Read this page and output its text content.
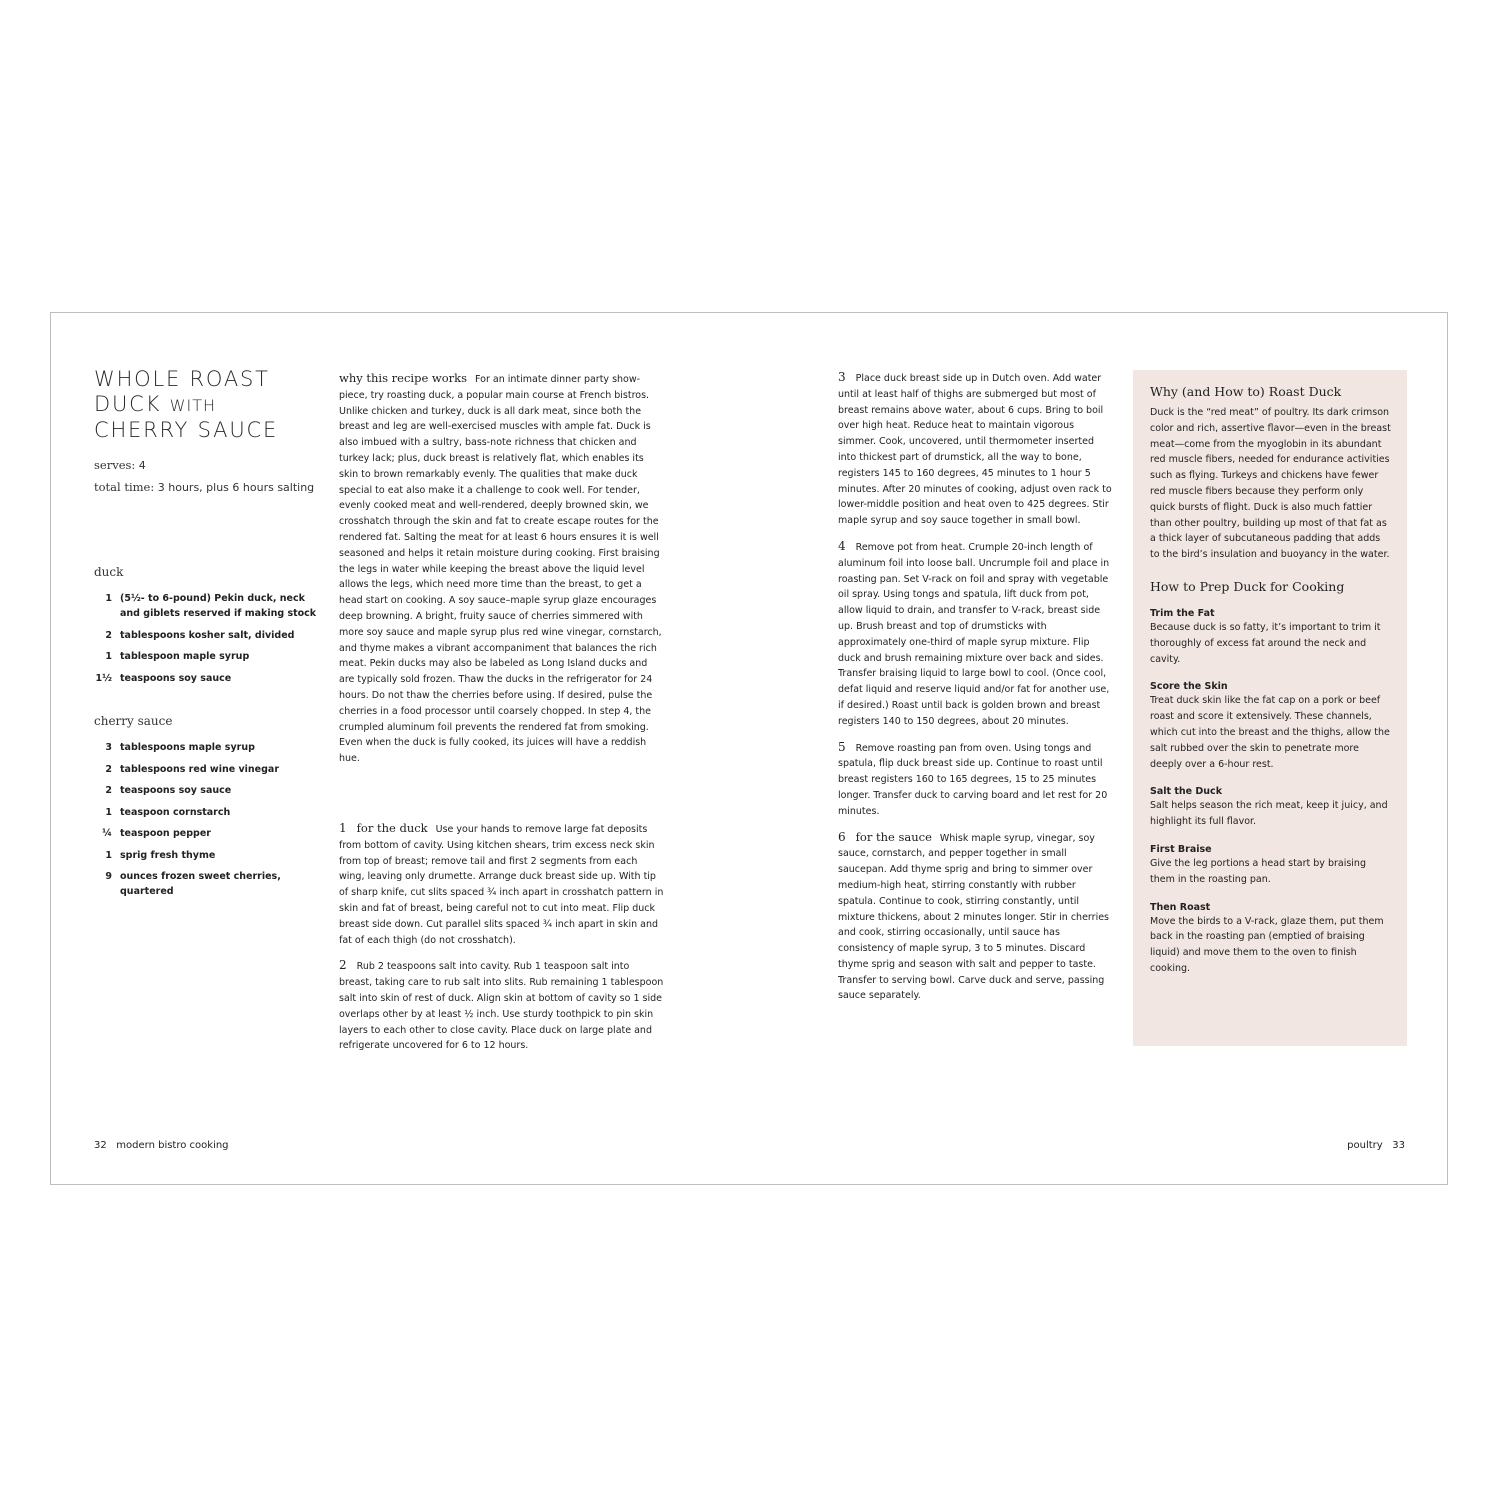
WHOLE ROAST
DUCK WITH
CHERRY SAUCE
serves: 4
total time: 3 hours, plus 6 hours salting
duck
1 (5½- to 6-pound) Pekin duck, neck and giblets reserved if making stock
2 tablespoons kosher salt, divided
1 tablespoon maple syrup
1½ teaspoons soy sauce
cherry sauce
3 tablespoons maple syrup
2 tablespoons red wine vinegar
2 teaspoons soy sauce
1 teaspoon cornstarch
¼ teaspoon pepper
1 sprig fresh thyme
9 ounces frozen sweet cherries, quartered

why this recipe works For an intimate dinner party show-piece, try roasting duck, a popular main course at French bistros. Unlike chicken and turkey, duck is all dark meat, since both the breast and leg are well-exercised muscles with ample fat. Duck is also imbued with a sultry, bass-note richness that chicken and turkey lack; plus, duck breast is relatively flat, which enables its skin to brown remarkably evenly. The qualities that make duck special to eat also make it a challenge to cook well. For tender, evenly cooked meat and well-rendered, deeply browned skin, we crosshatch through the skin and fat to create escape routes for the rendered fat. Salting the meat for at least 6 hours ensures it is well seasoned and helps it retain moisture during cooking. First braising the legs in water while keeping the breast above the liquid level allows the legs, which need more time than the breast, to get a head start on cooking. A soy sauce–maple syrup glaze encourages deep browning. A bright, fruity sauce of cherries simmered with more soy sauce and maple syrup plus red wine vinegar, cornstarch, and thyme makes a vibrant accompaniment that balances the rich meat. Pekin ducks may also be labeled as Long Island ducks and are typically sold frozen. Thaw the ducks in the refrigerator for 24 hours. Do not thaw the cherries before using. If desired, pulse the cherries in a food processor until coarsely chopped. In step 4, the crumpled aluminum foil prevents the rendered fat from smoking. Even when the duck is fully cooked, its juices will have a reddish hue.

1 for the duck Use your hands to remove large fat deposits from bottom of cavity. Using kitchen shears, trim excess neck skin from top of breast; remove tail and first 2 segments from each wing, leaving only drumette. Arrange duck breast side up. With tip of sharp knife, cut slits spaced ¾ inch apart in crosshatch pattern in skin and fat of breast, being careful not to cut into meat. Flip duck breast side down. Cut parallel slits spaced ¾ inch apart in skin and fat of each thigh (do not crosshatch).

2 Rub 2 teaspoons salt into cavity. Rub 1 teaspoon salt into breast, taking care to rub salt into slits. Rub remaining 1 tablespoon salt into skin of rest of duck. Align skin at bottom of cavity so 1 side overlaps other by at least ½ inch. Use sturdy toothpick to pin skin layers to each other to close cavity. Place duck on large plate and refrigerate uncovered for 6 to 12 hours.

3 Place duck breast side up in Dutch oven. Add water until at least half of thighs are submerged but most of breast remains above water, about 6 cups. Bring to boil over high heat. Reduce heat to maintain vigorous simmer. Cook, uncovered, until thermometer inserted into thickest part of drumstick, all the way to bone, registers 145 to 160 degrees, 45 minutes to 1 hour 5 minutes. After 20 minutes of cooking, adjust oven rack to lower-middle position and heat oven to 425 degrees. Stir maple syrup and soy sauce together in small bowl.

4 Remove pot from heat. Crumple 20-inch length of aluminum foil into loose ball. Uncrumple foil and place in roasting pan. Set V-rack on foil and spray with vegetable oil spray. Using tongs and spatula, lift duck from pot, allow liquid to drain, and transfer to V-rack, breast side up. Brush breast and top of drumsticks with approximately one-third of maple syrup mixture. Flip duck and brush remaining mixture over back and sides. Transfer braising liquid to large bowl to cool. (Once cool, defat liquid and reserve liquid and/or fat for another use, if desired.) Roast until back is golden brown and breast registers 140 to 150 degrees, about 20 minutes.

5 Remove roasting pan from oven. Using tongs and spatula, flip duck breast side up. Continue to roast until breast registers 160 to 165 degrees, 15 to 25 minutes longer. Transfer duck to carving board and let rest for 20 minutes.

6 for the sauce Whisk maple syrup, vinegar, soy sauce, cornstarch, and pepper together in small saucepan. Add thyme sprig and bring to simmer over medium-high heat, stirring constantly with rubber spatula. Continue to cook, stirring constantly, until mixture thickens, about 2 minutes longer. Stir in cherries and cook, stirring occasionally, until sauce has consistency of maple syrup, 3 to 5 minutes. Discard thyme sprig and season with salt and pepper to taste. Transfer to serving bowl. Carve duck and serve, passing sauce separately.

Why (and How to) Roast Duck

Duck is the “red meat” of poultry. Its dark crimson color and rich, assertive flavor—even in the breast meat—come from the myoglobin in its abundant red muscle fibers, needed for endurance activities such as flying. Turkeys and chickens have fewer red muscle fibers because they perform only quick bursts of flight. Duck is also much fattier than other poultry, building up most of that fat as a thick layer of subcutaneous padding that adds to the bird’s insulation and buoyancy in the water.

How to Prep Duck for Cooking
Trim the Fat

Because duck is so fatty, it’s important to trim it thoroughly of excess fat around the neck and cavity.

Score the Skin

Treat duck skin like the fat cap on a pork or beef roast and score it extensively. These channels, which cut into the breast and the thighs, allow the salt rubbed over the skin to penetrate more deeply over a 6-hour rest.

Salt the Duck

Salt helps season the rich meat, keep it juicy, and highlight its full flavor.

First Braise

Give the leg portions a head start by braising them in the roasting pan.

Then Roast

Move the birds to a V-rack, glaze them, put them back in the roasting pan (emptied of braising liquid) and move them to the oven to finish cooking.

32 modern bistro cooking	poultry 33
